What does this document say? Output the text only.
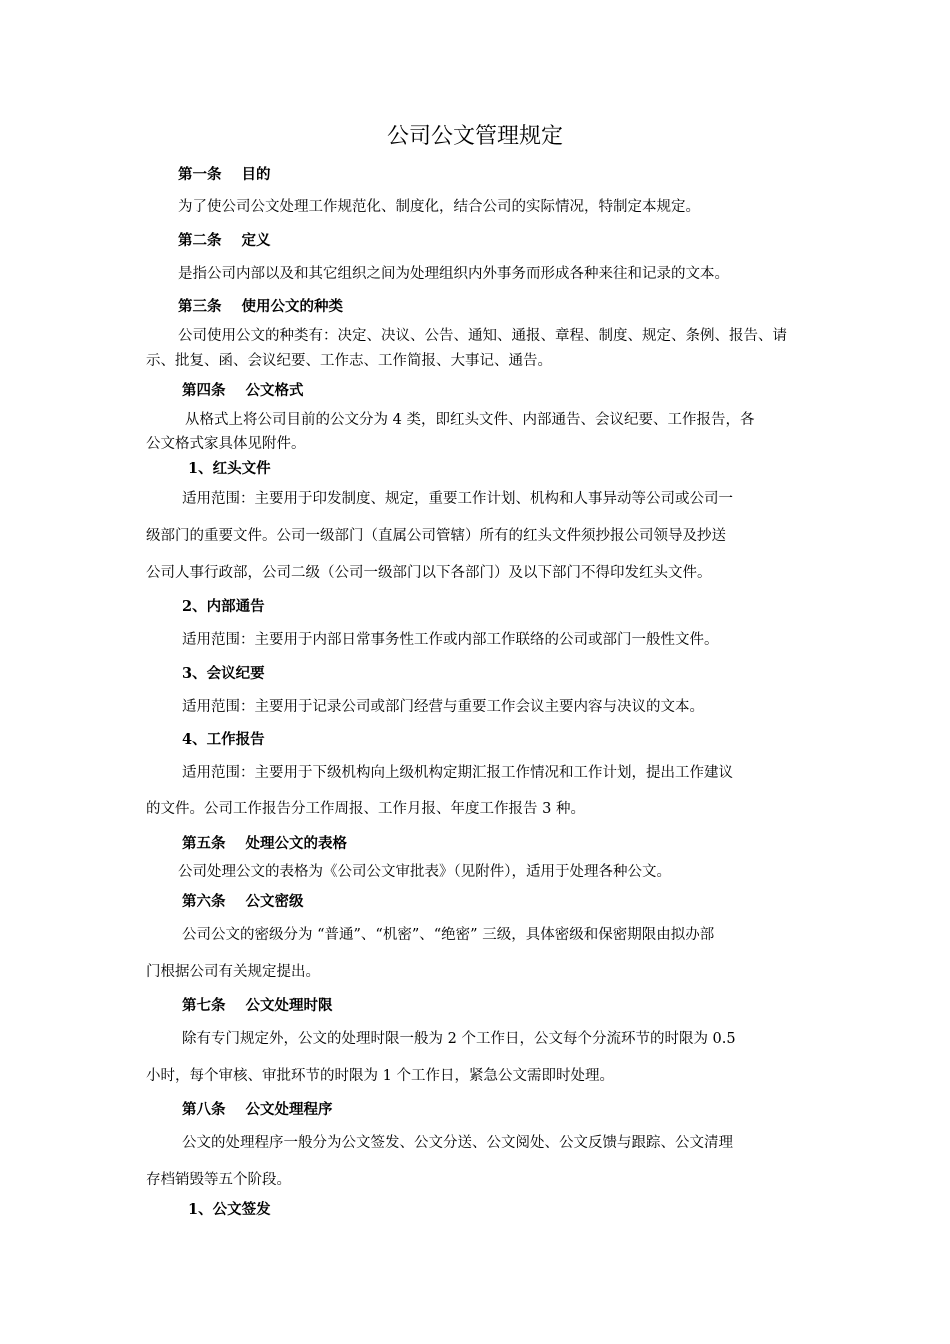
公司公文管理规定
第一条 目的
为了使公司公文处理工作规范化、制度化，结合公司的实际情况，特制定本规定。
第二条 定义
是指公司内部以及和其它组织之间为处理组织内外事务而形成各种来往和记录的文本。
第三条 使用公文的种类
公司使用公文的种类有：决定、决议、公告、通知、通报、章程、制度、规定、条例、报告、请
示、批复、函、会议纪要、工作志、工作简报、大事记、通告。
第四条 公文格式
从格式上将公司目前的公文分为 4 类，即红头文件、内部通告、会议纪要、工作报告，各
公文格式家具体见附件。
1、红头文件
适用范围：主要用于印发制度、规定，重要工作计划、机构和人事异动等公司或公司一
级部门的重要文件。公司一级部门（直属公司管辖）所有的红头文件须抄报公司领导及抄送
公司人事行政部，公司二级（公司一级部门以下各部门）及以下部门不得印发红头文件。
2、内部通告
适用范围：主要用于内部日常事务性工作或内部工作联络的公司或部门一般性文件。
3、会议纪要
适用范围：主要用于记录公司或部门经营与重要工作会议主要内容与决议的文本。
4、工作报告
适用范围：主要用于下级机构向上级机构定期汇报工作情况和工作计划，提出工作建议
的文件。公司工作报告分工作周报、工作月报、年度工作报告 3 种。
第五条 处理公文的表格
公司处理公文的表格为《公司公文审批表》（见附件），适用于处理各种公文。
第六条 公文密级
公司公文的密级分为 “普通”、“机密”、“绝密” 三级，具体密级和保密期限由拟办部
门根据公司有关规定提出。
第七条 公文处理时限
除有专门规定外，公文的处理时限一般为 2 个工作日，公文每个分流环节的时限为 0.5
小时，每个审核、审批环节的时限为 1 个工作日，紧急公文需即时处理。
第八条 公文处理程序
公文的处理程序一般分为公文签发、公文分送、公文阅处、公文反馈与跟踪、公文清理
存档销毁等五个阶段。
1、公文签发
